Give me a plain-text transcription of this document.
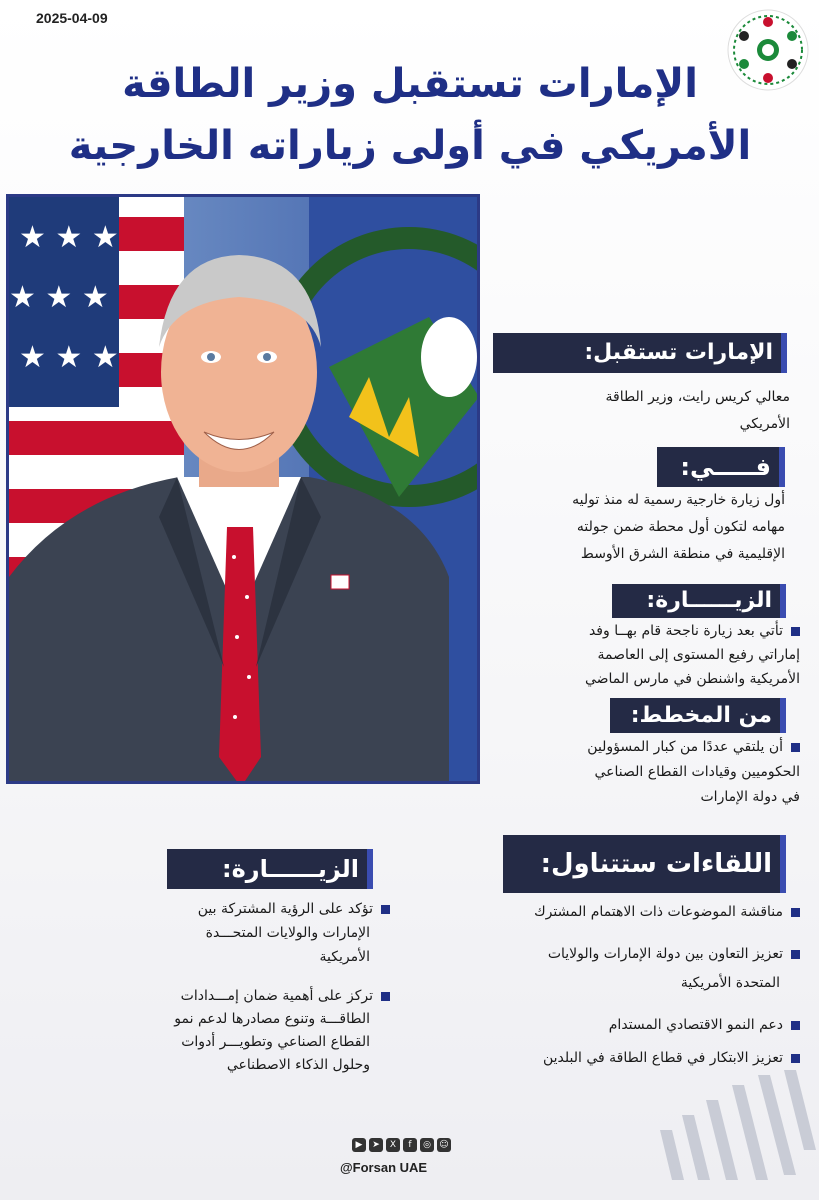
2025-04-09
الإمارات تستقبل وزير الطاقة
الأمريكي في أولى زياراته الخارجية
★ ★ ★
★ ★ ★
★ ★ ★	الإمارات تستقبل:
معالي كريس رايت، وزير الطاقة
الأمريكي
فـــــي:
أول زيارة خارجية رسمية له منذ توليه
مهامه لتكون أول محطة ضمن جولته
الإقليمية في منطقة الشرق الأوسط
الزيــــــارة:
تأتي بعد زيارة ناجحة قام بهــا وفد
إماراتي رفيع المستوى إلى العاصمة
الأمريكية واشنطن في مارس الماضي
من المخطط:
أن يلتقي عددًا من كبار المسؤولين
الحكوميين وقيادات القطاع الصناعي
في دولة الإمارات
اللقاءات ستتناول:
مناقشة الموضوعات ذات الاهتمام المشترك
تعزيز التعاون بين دولة الإمارات والولايات
المتحدة الأمريكية
دعم النمو الاقتصادي المستدام
تعزيز الابتكار في قطاع الطاقة في البلدين
الزيــــــارة:
تؤكد على الرؤية المشتركة بين
الإمارات والولايات المتحـــدة
الأمريكية
تركز على أهمية ضمان إمـــدادات
الطاقـــة وتنوع مصادرها لدعم نمو
القطاع الصناعي وتطويـــر أدوات
وحلول الذكاء الاصطناعي
▶	➤	X	f	◎ ☺
@Forsan UAE
